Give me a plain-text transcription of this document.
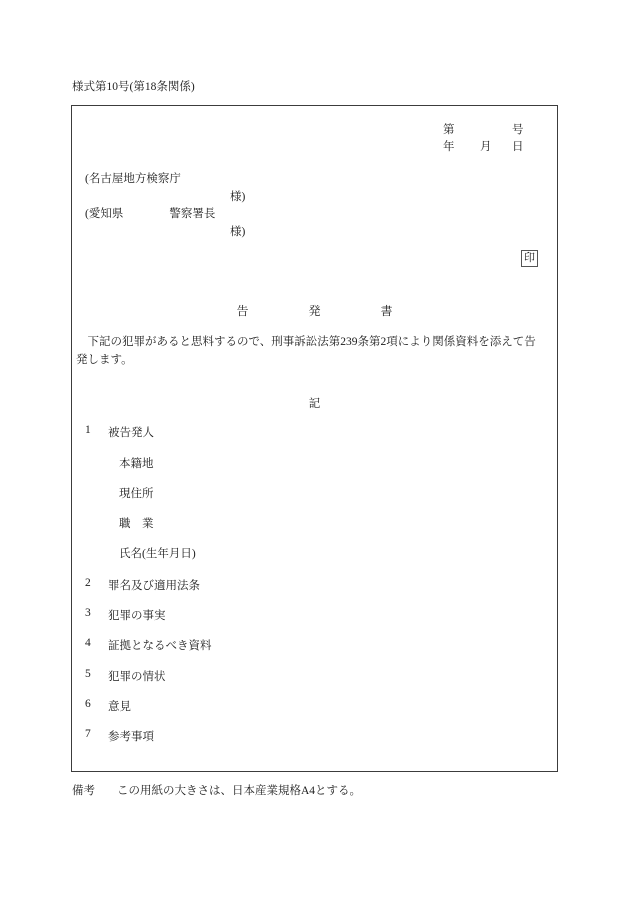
様式第10号(第18条関係)
第	号
年 月 日
(名古屋地方検察庁
様)
(愛知県　　　　警察署長
様)
印
告　　　　　発　　　　　書
　下記の犯罪があると思料するので、刑事訴訟法第239条第2項により関係資料を添えて告
発します。
記
1 被告発人
本籍地
現住所
職　業
氏名(生年月日)
2 罪名及び適用法条
3 犯罪の事実
4 証拠となるべき資料
5 犯罪の情状
6 意見
7 参考事項
備考 この用紙の大きさは、日本産業規格A4とする。
